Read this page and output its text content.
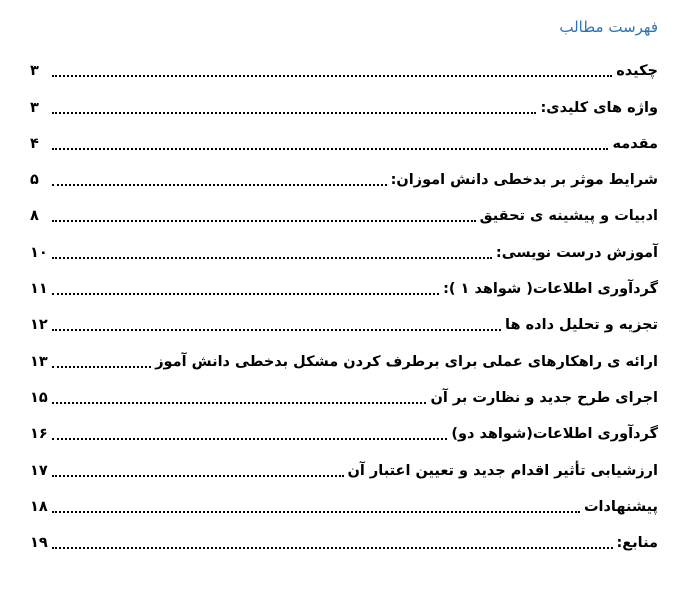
فهرست مطالب
چکیده
۳
واژه های کلیدی:
۳
مقدمه
۴
شرایط موثر بر بدخطی دانش اموزان:
۵
ادبیات و پیشینه ی تحقیق
۸
آموزش درست نویسی:
۱۰
گردآوری اطلاعات( شواهد ۱ ):
۱۱
تجزیه و تحلیل داده ها
۱۲
ارائه ی راهکارهای عملی برای برطرف کردن مشکل بدخطی دانش آموز
۱۳
اجرای طرح جدید و نظارت بر آن
۱۵
گردآوری اطلاعات(شواهد دو)
۱۶
ارزشیابی تأثیر اقدام جدید و تعیین اعتبار آن
۱۷
پیشنهادات
۱۸
منابع:
۱۹
